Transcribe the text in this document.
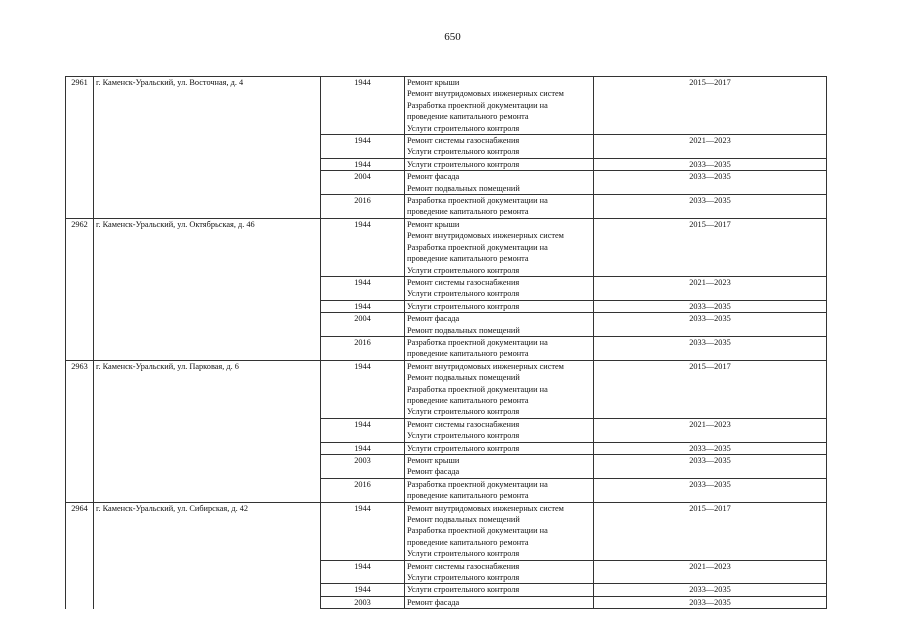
650
2961	г. Каменск-Уральский, ул. Восточная, д. 4	1944	Ремонт крыши
Ремонт внутридомовых инженерных систем
Разработка проектной документации на
проведение капитального ремонта
Услуги строительного контроля	2015—2017
		1944	Ремонт системы газоснабжения
Услуги строительного контроля	2021—2023
		1944	Услуги строительного контроля	2033—2035
		2004	Ремонт фасада
Ремонт подвальных помещений	2033—2035
		2016	Разработка проектной документации на
проведение капитального ремонта	2033—2035
2962	г. Каменск-Уральский, ул. Октябрьская, д. 46	1944	Ремонт крыши
Ремонт внутридомовых инженерных систем
Разработка проектной документации на
проведение капитального ремонта
Услуги строительного контроля	2015—2017
		1944	Ремонт системы газоснабжения
Услуги строительного контроля	2021—2023
		1944	Услуги строительного контроля	2033—2035
		2004	Ремонт фасада
Ремонт подвальных помещений	2033—2035
		2016	Разработка проектной документации на
проведение капитального ремонта	2033—2035
2963	г. Каменск-Уральский, ул. Парковая, д. 6	1944	Ремонт внутридомовых инженерных систем
Ремонт подвальных помещений
Разработка проектной документации на
проведение капитального ремонта
Услуги строительного контроля	2015—2017
		1944	Ремонт системы газоснабжения
Услуги строительного контроля	2021—2023
		1944	Услуги строительного контроля	2033—2035
		2003	Ремонт крыши
Ремонт фасада	2033—2035
		2016	Разработка проектной документации на
проведение капитального ремонта	2033—2035
2964	г. Каменск-Уральский, ул. Сибирская, д. 42	1944	Ремонт внутридомовых инженерных систем
Ремонт подвальных помещений
Разработка проектной документации на
проведение капитального ремонта
Услуги строительного контроля	2015—2017
		1944	Ремонт системы газоснабжения
Услуги строительного контроля	2021—2023
		1944	Услуги строительного контроля	2033—2035
		2003	Ремонт фасада	2033—2035
